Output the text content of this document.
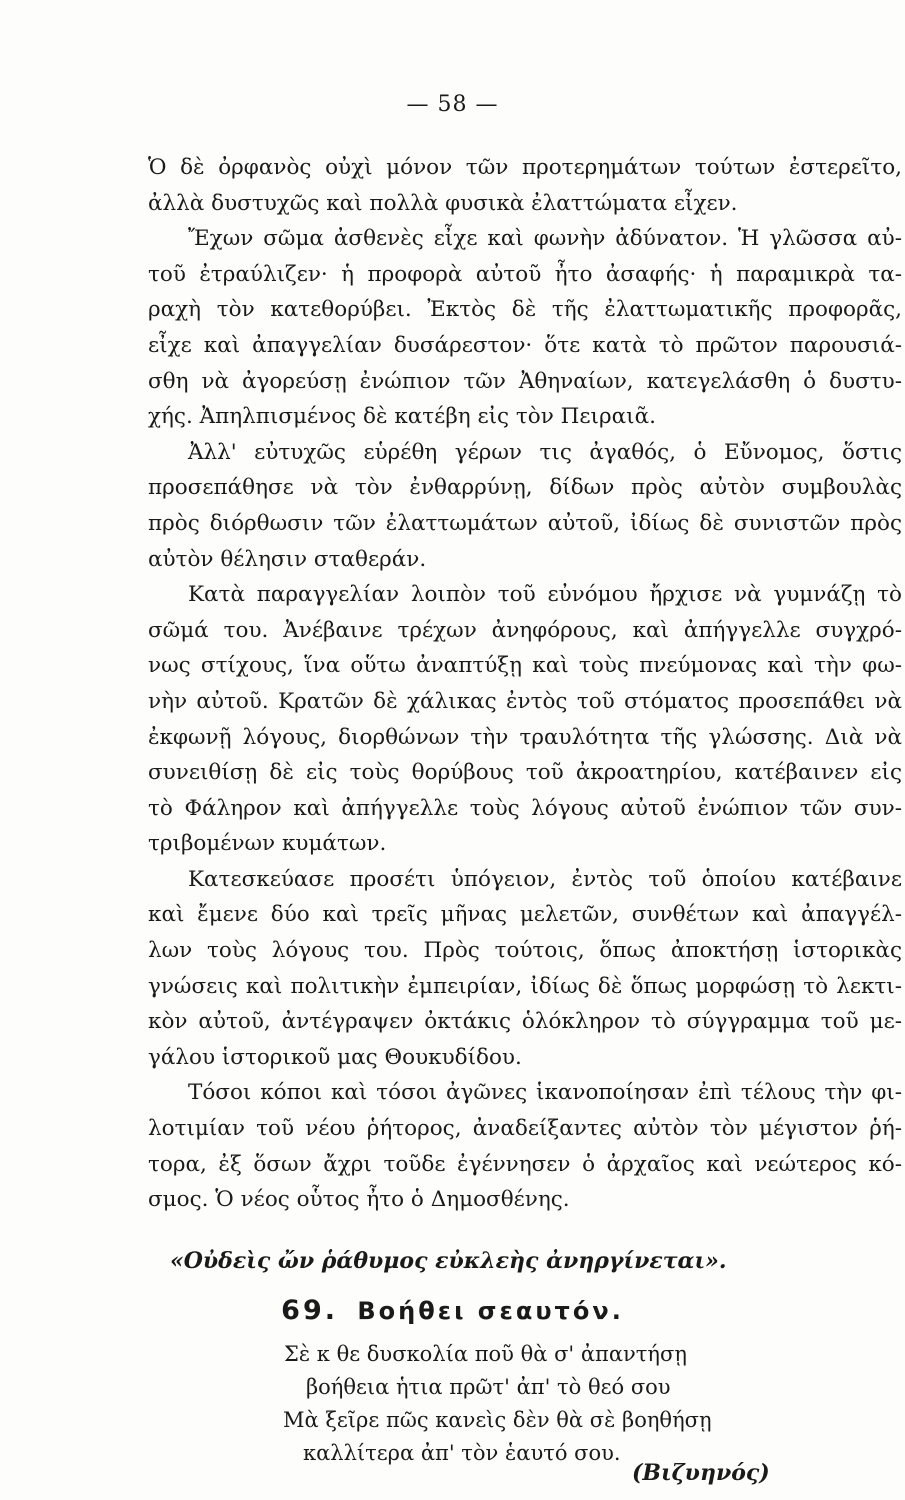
— 58 —
Ὁ δὲ ὀρφανὸς οὐχὶ μόνον τῶν προτερημάτων τούτων ἐστερεῖτο,
ἀλλὰ δυστυχῶς καὶ πολλὰ φυσικὰ ἐλαττώματα εἶχεν.
Ἔχων σῶμα ἀσθενὲς εἶχε καὶ φωνὴν ἀδύνατον. Ἡ γλῶσσα αὐ-
τοῦ ἐτραύλιζεν· ἡ προφορὰ αὐτοῦ ἦτο ἀσαφής· ἡ παραμικρὰ τα-
ραχὴ τὸν κατεθορύβει. Ἐκτὸς δὲ τῆς ἐλαττωματικῆς προφορᾶς,
εἶχε καὶ ἀπαγγελίαν δυσάρεστον· ὅτε κατὰ τὸ πρῶτον παρουσιά-
σθη νὰ ἀγορεύσῃ ἐνώπιον τῶν Ἀθηναίων, κατεγελάσθη ὁ δυστυ-
χής. Ἀπηλπισμένος δὲ κατέβη εἰς τὸν Πειραιᾶ.
Ἀλλ' εὐτυχῶς εὑρέθη γέρων τις ἀγαθός, ὁ Εὔνομος, ὅστις
προσεπάθησε νὰ τὸν ἐνθαρρύνῃ, δίδων πρὸς αὐτὸν συμβουλὰς
πρὸς διόρθωσιν τῶν ἐλαττωμάτων αὐτοῦ, ἰδίως δὲ συνιστῶν πρὸς
αὐτὸν θέλησιν σταθεράν.
Κατὰ παραγγελίαν λοιπὸν τοῦ εὐνόμου ἤρχισε νὰ γυμνάζῃ τὸ
σῶμά του. Ἀνέβαινε τρέχων ἀνηφόρους, καὶ ἀπήγγελλε συγχρό-
νως στίχους, ἵνα οὕτω ἀναπτύξῃ καὶ τοὺς πνεύμονας καὶ τὴν φω-
νὴν αὐτοῦ. Κρατῶν δὲ χάλικας ἐντὸς τοῦ στόματος προσεπάθει νὰ
ἐκφωνῇ λόγους, διορθώνων τὴν τραυλότητα τῆς γλώσσης. Διὰ νὰ
συνειθίσῃ δὲ εἰς τοὺς θορύβους τοῦ ἀκροατηρίου, κατέβαινεν εἰς
τὸ Φάληρον καὶ ἀπήγγελλε τοὺς λόγους αὐτοῦ ἐνώπιον τῶν συν-
τριβομένων κυμάτων.
Κατεσκεύασε προσέτι ὑπόγειον, ἐντὸς τοῦ ὁποίου κατέβαινε
καὶ ἔμενε δύο καὶ τρεῖς μῆνας μελετῶν, συνθέτων καὶ ἀπαγγέλ-
λων τοὺς λόγους του. Πρὸς τούτοις, ὅπως ἀποκτήσῃ ἱστορικὰς
γνώσεις καὶ πολιτικὴν ἐμπειρίαν, ἰδίως δὲ ὅπως μορφώσῃ τὸ λεκτι-
κὸν αὐτοῦ, ἀντέγραψεν ὀκτάκις ὁλόκληρον τὸ σύγγραμμα τοῦ με-
γάλου ἱστορικοῦ μας Θουκυδίδου.
Τόσοι κόποι καὶ τόσοι ἀγῶνες ἱκανοποίησαν ἐπὶ τέλους τὴν φι-
λοτιμίαν τοῦ νέου ῥήτορος, ἀναδείξαντες αὐτὸν τὸν μέγιστον ῥή-
τορα, ἐξ ὅσων ἄχρι τοῦδε ἐγέννησεν ὁ ἀρχαῖος καὶ νεώτερος κό-
σμος. Ὁ νέος οὗτος ἦτο ὁ Δημοσθένης.
«Οὐδεὶς ὤν ῥάθυμος εὐκλεὴς ἀνηργίνεται».
69. Βοήθει σεαυτόν.
Σὲ κ θε δυσκολία ποῦ θὰ σ' ἀπαντήσῃ
βοήθεια ἡτια πρῶτ' ἀπ' τὸ θεό σου
Μὰ ξεῖρε πῶς κανεὶς δὲν θὰ σὲ βοηθήσῃ
καλλίτερα ἀπ' τὸν ἑαυτό σου.
(Βιζυηνός)
